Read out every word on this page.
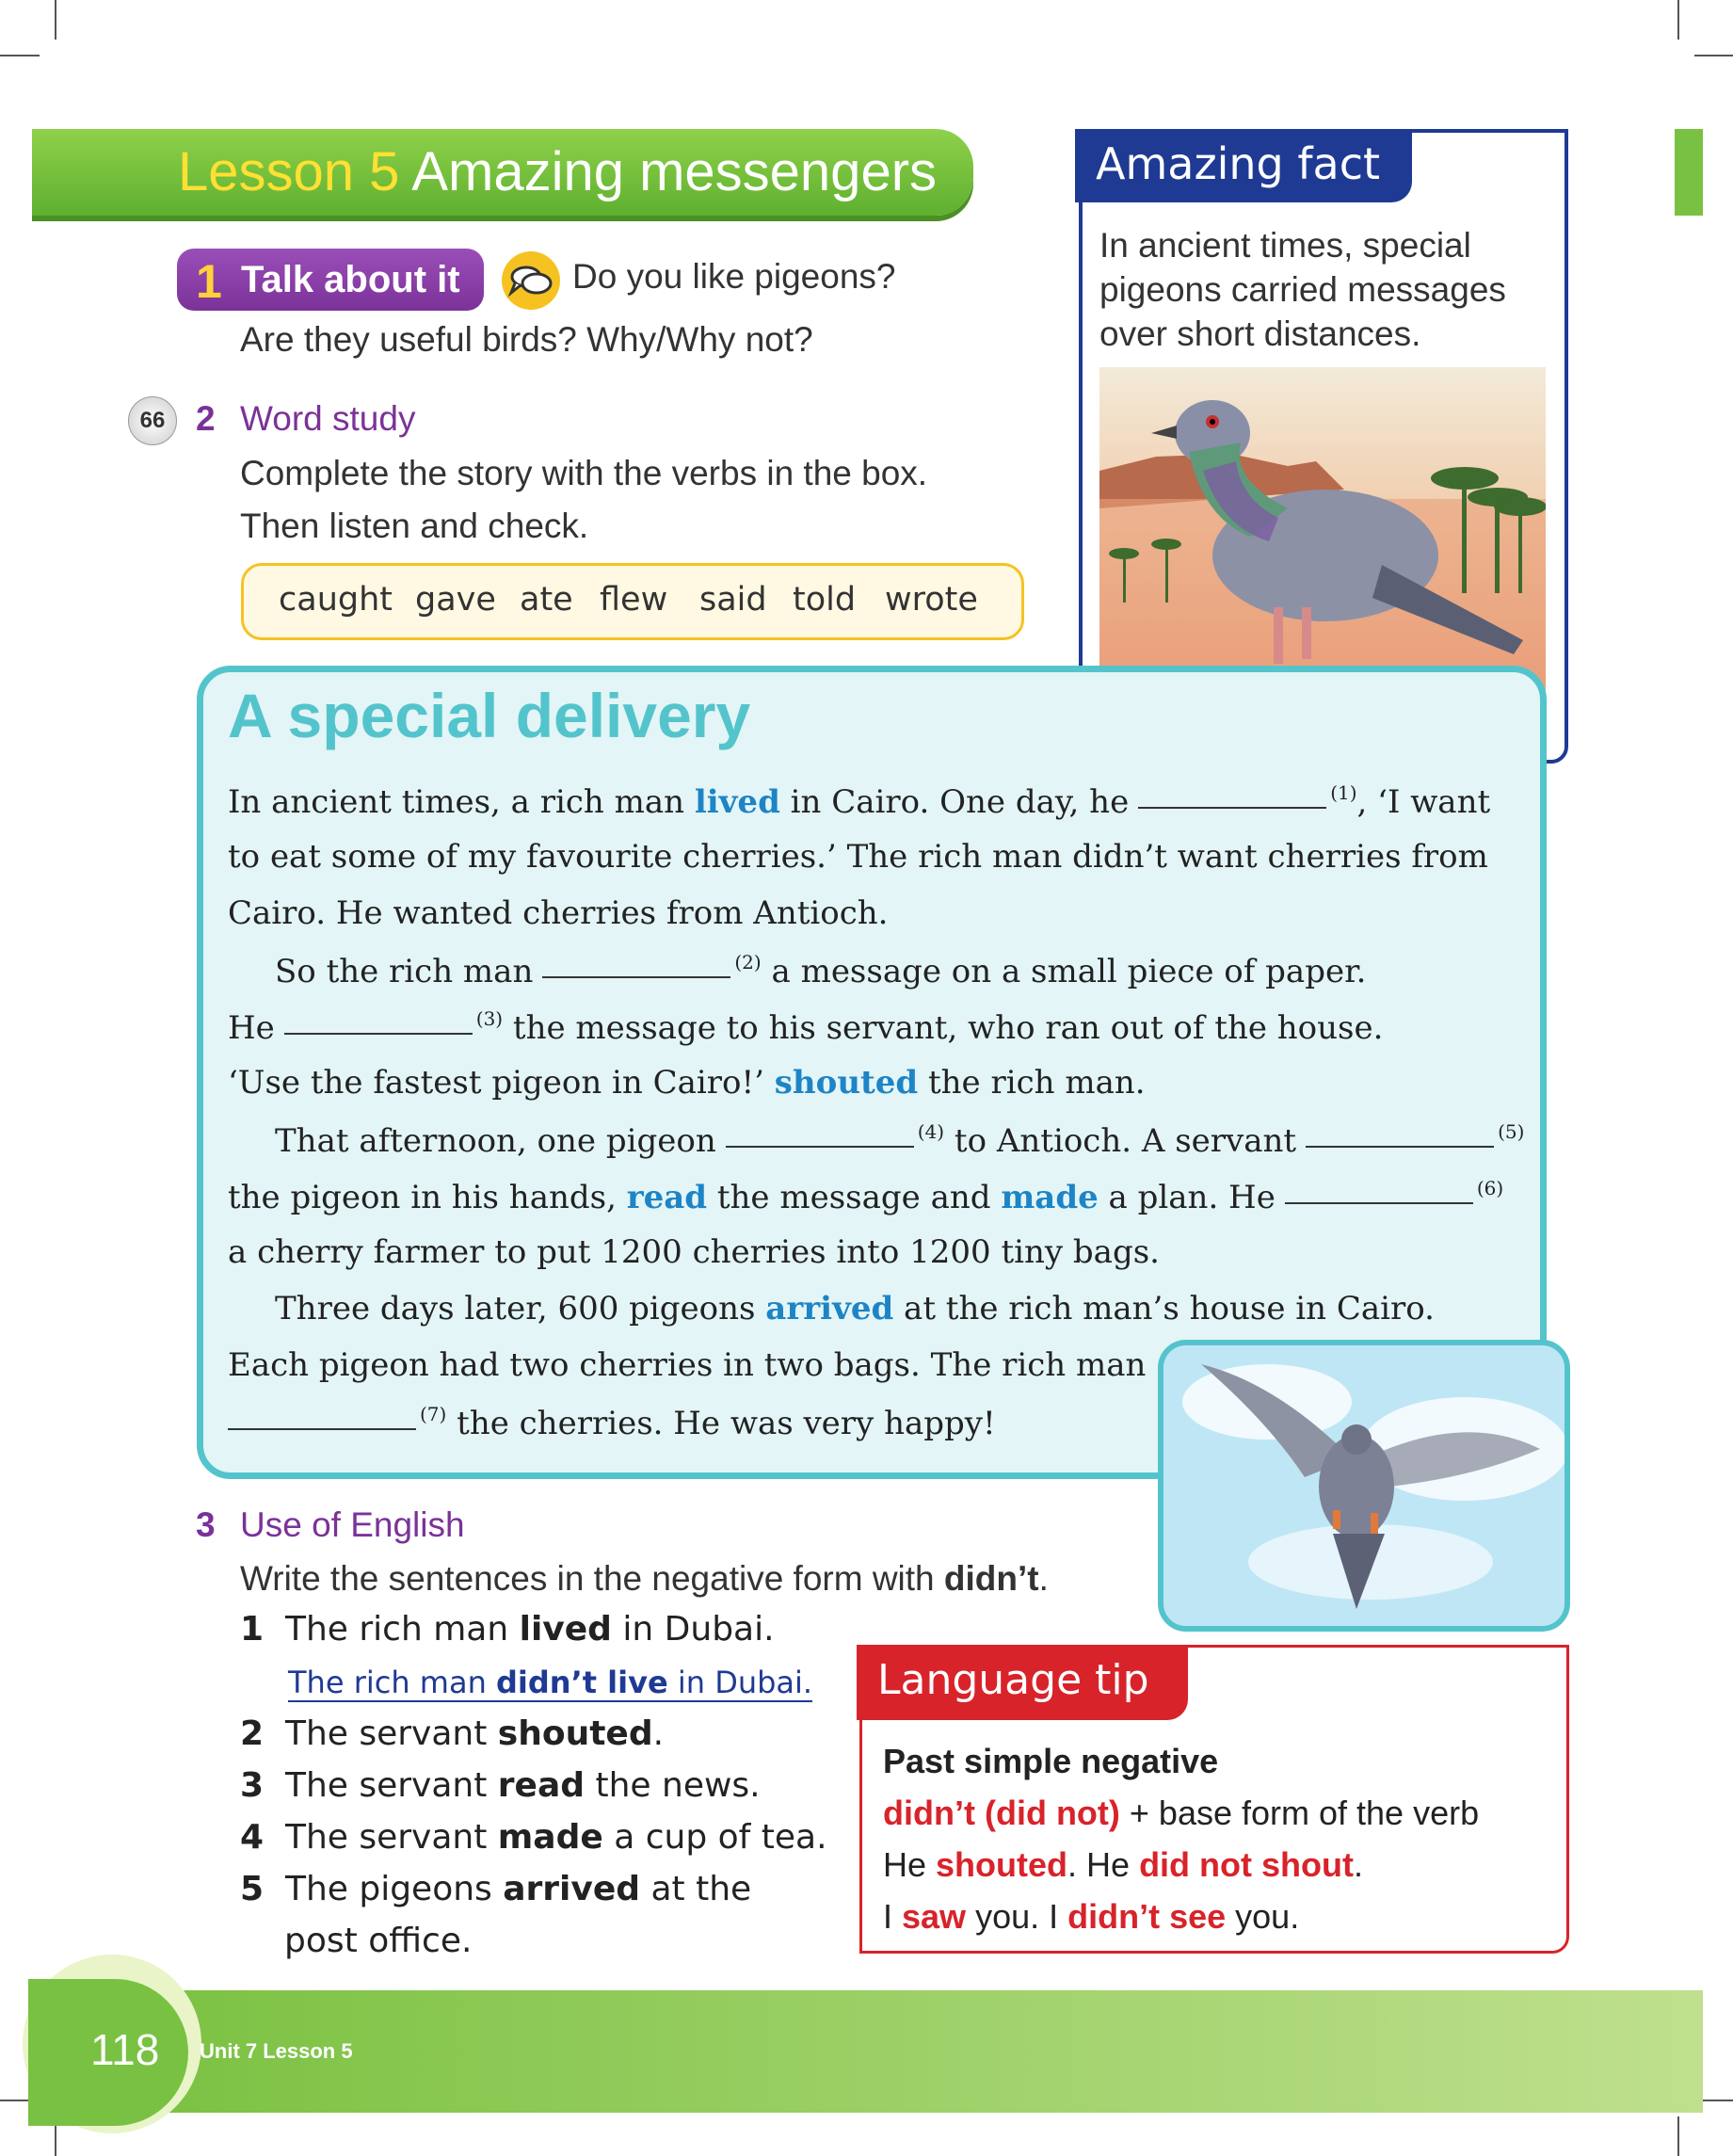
Lesson 5 Amazing messengers
1 Talk about it	Do you like pigeons?
Are they useful birds? Why/Why not?
66 2 Word study
Complete the story with the verbs in the box.
Then listen and check.
caught gave ate flew said told wrote
Amazing fact
In ancient times, special
pigeons carried messages
over short distances.
A special delivery
In ancient times, a rich man lived in Cairo. One day, he	$^{(1)}$, ‘I want
to eat some of my favourite cherries.’ The rich man didn’t want cherries from
Cairo. He wanted cherries from Antioch.
So the rich man	$^{(2)}$ a message on a small piece of paper.
He	$^{(3)}$ the message to his servant, who ran out of the house.
‘Use the fastest pigeon in Cairo!’ shouted the rich man.
That afternoon, one pigeon	$^{(4)}$ to Antioch. A servant	$^{(5)}$
the pigeon in his hands, read the message and made a plan. He	$^{(6)}$
a cherry farmer to put 1200 cherries into 1200 tiny bags.
Three days later, 600 pigeons arrived at the rich man’s house in Cairo.
Each pigeon had two cherries in two bags. The rich man
$^{(7)}$ the cherries. He was very happy!
3 Use of English
Write the sentences in the negative form with didn’t.
1 The rich man lived in Dubai.
The rich man didn’t live in Dubai.
2 The servant shouted.
3 The servant read the news.
4 The servant made a cup of tea.
5 The pigeons arrived at the
post office.
Language tip
Past simple negative
didn’t (did not) + base form of the verb
He shouted. He did not shout.
I saw you. I didn’t see you.
118 Unit 7 Lesson 5
